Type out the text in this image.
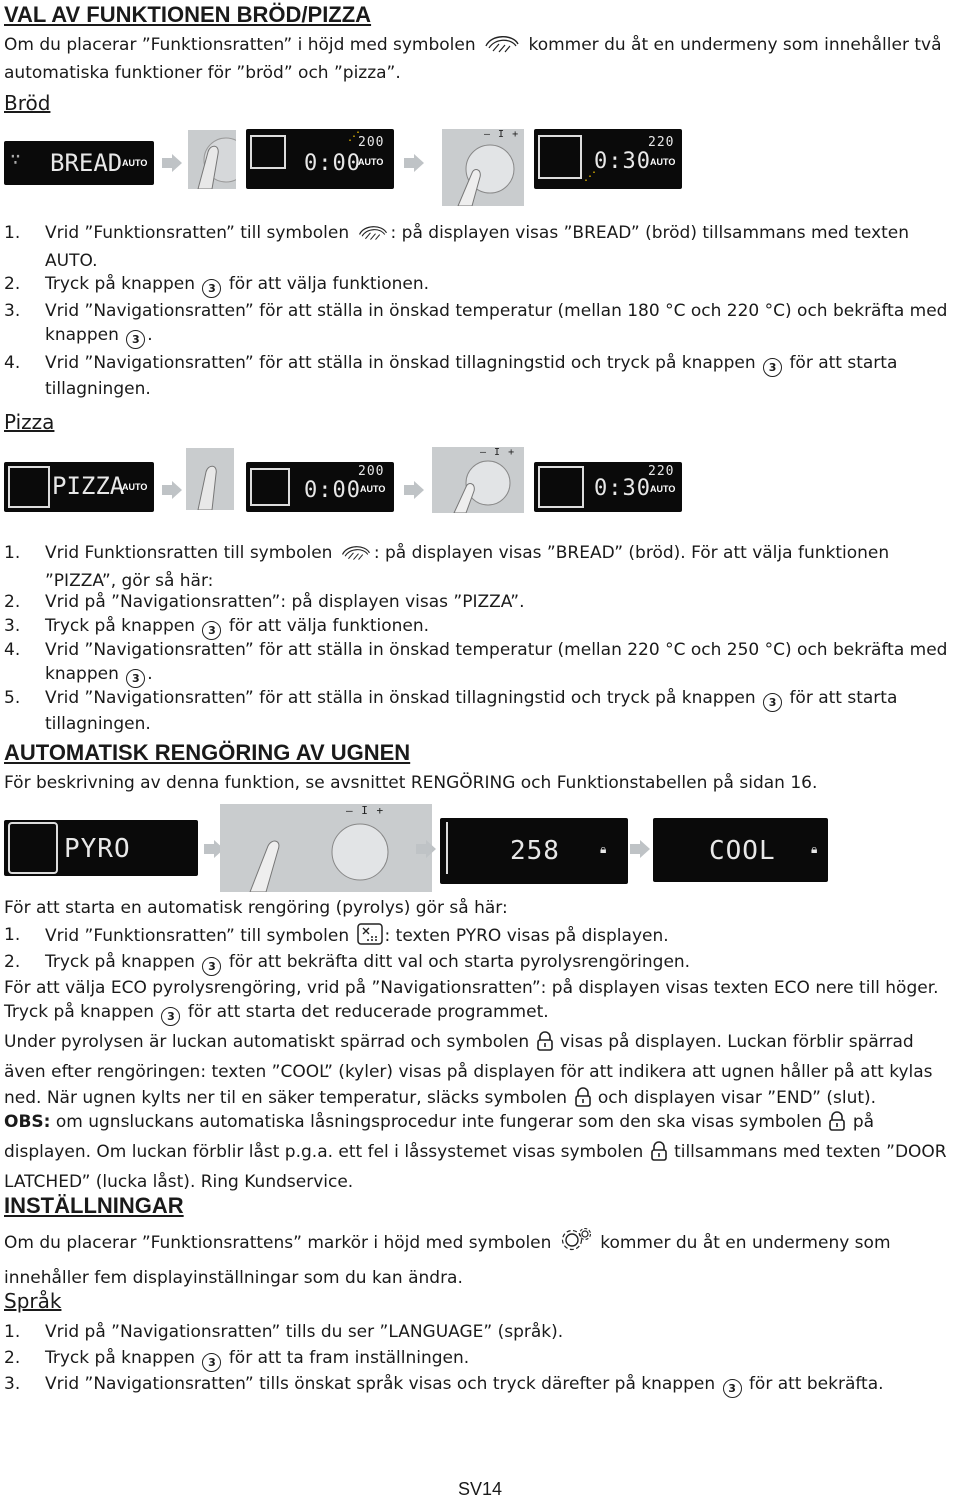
VAL AV FUNKTIONEN BRÖD/PIZZA
Om du placerar ”Funktionsratten” i höjd med symbolen	kommer du åt en undermeny som innehåller två automatiska funktioner för ”bröd” och ”pizza”.
Bröd
∵ BREAD AUTO	0:00
200
AUTO
⋰	– I +
0:30
220
AUTO
⋰
1. Vrid ”Funktionsratten” till symbolen : på displayen visas ”BREAD” (bröd) tillsammans med texten AUTO.
2. Tryck på knappen 3 för att välja funktionen.
3. Vrid ”Navigationsratten” för att ställa in önskad temperatur (mellan 180 °C och 220 °C) och bekräfta med knappen 3 .
4. Vrid ”Navigationsratten” för att ställa in önskad tillagningstid och tryck på knappen 3 för att starta tillagningen.
Pizza
PIZZA
AUTO	0:00
200
AUTO
– I +
0:30
220
AUTO
1. Vrid Funktionsratten till symbolen : på displayen visas ”BREAD” (bröd). För att välja funktionen ”PIZZA”, gör så här:
2. Vrid på ”Navigationsratten”: på displayen visas ”PIZZA”.
3. Tryck på knappen 3 för att välja funktionen.
4. Vrid ”Navigationsratten” för att ställa in önskad temperatur (mellan 220 °C och 250 °C) och bekräfta med knappen 3 .
5. Vrid ”Navigationsratten” för att ställa in önskad tillagningstid och tryck på knappen 3 för att starta tillagningen.
AUTOMATISK RENGÖRING AV UGNEN
För beskrivning av denna funktion, se avsnittet RENGÖRING och Funktionstabellen på sidan 16.
PYRO
– I +
258	🔒︎	COOL	🔒︎
För att starta en automatisk rengöring (pyrolys) gör så här:
1. Vrid ”Funktionsratten” till symbolen : texten PYRO visas på displayen.
2. Tryck på knappen 3 för att bekräfta ditt val och starta pyrolysrengöringen.
För att välja ECO pyrolysrengöring, vrid på ”Navigationsratten”: på displayen visas texten ECO nere till höger. Tryck på knappen 3 för att starta det reducerade programmet.
Under pyrolysen är luckan automatiskt spärrad och symbolen visas på displayen. Luckan förblir spärrad även efter rengöringen: texten ”COOL” (kyler) visas på displayen för att indikera att ugnen håller på att kylas ned. När ugnen kylts ner til en säker temperatur, släcks symbolen och displayen visar ”END” (slut).
OBS: om ugnsluckans automatiska låsningsprocedur inte fungerar som den ska visas symbolen på displayen. Om luckan förblir låst p.g.a. ett fel i låssystemet visas symbolen tillsammans med texten ”DOOR LATCHED” (lucka låst). Ring Kundservice.
INSTÄLLNINGAR
Om du placerar ”Funktionsrattens” markör i höjd med symbolen	kommer du åt en undermeny som innehåller fem displayinställningar som du kan ändra.
Språk
1. Vrid på ”Navigationsratten” tills du ser ”LANGUAGE” (språk).
2. Tryck på knappen 3 för att ta fram inställningen.
3. Vrid ”Navigationsratten” tills önskat språk visas och tryck därefter på knappen 3 för att bekräfta.
SV14
